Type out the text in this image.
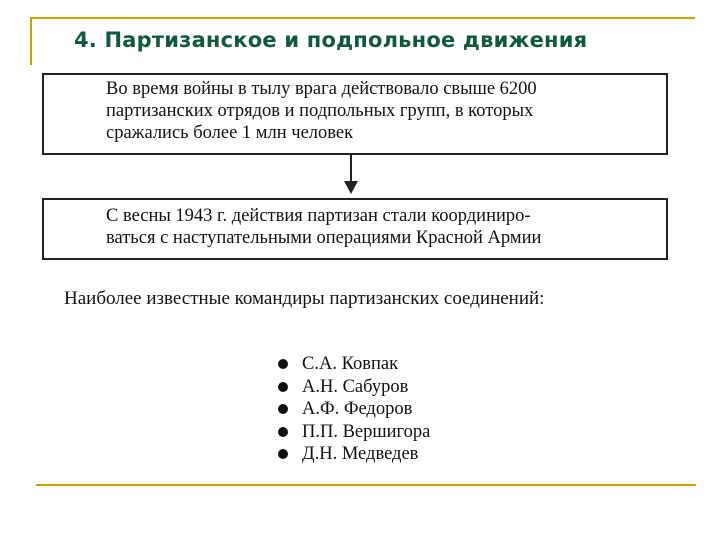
4. Партизанское и подпольное движения
Во время войны в тылу врага действовало свыше 6200
партизанских отрядов и подпольных групп, в которых
сражались более 1 млн человек
С весны 1943 г. действия партизан стали координиро-
ваться с наступательными операциями Красной Армии
Наиболее известные командиры партизанских соединений:
С.А. Ковпак
А.Н. Сабуров
А.Ф. Федоров
П.П. Вершигора
Д.Н. Медведев
